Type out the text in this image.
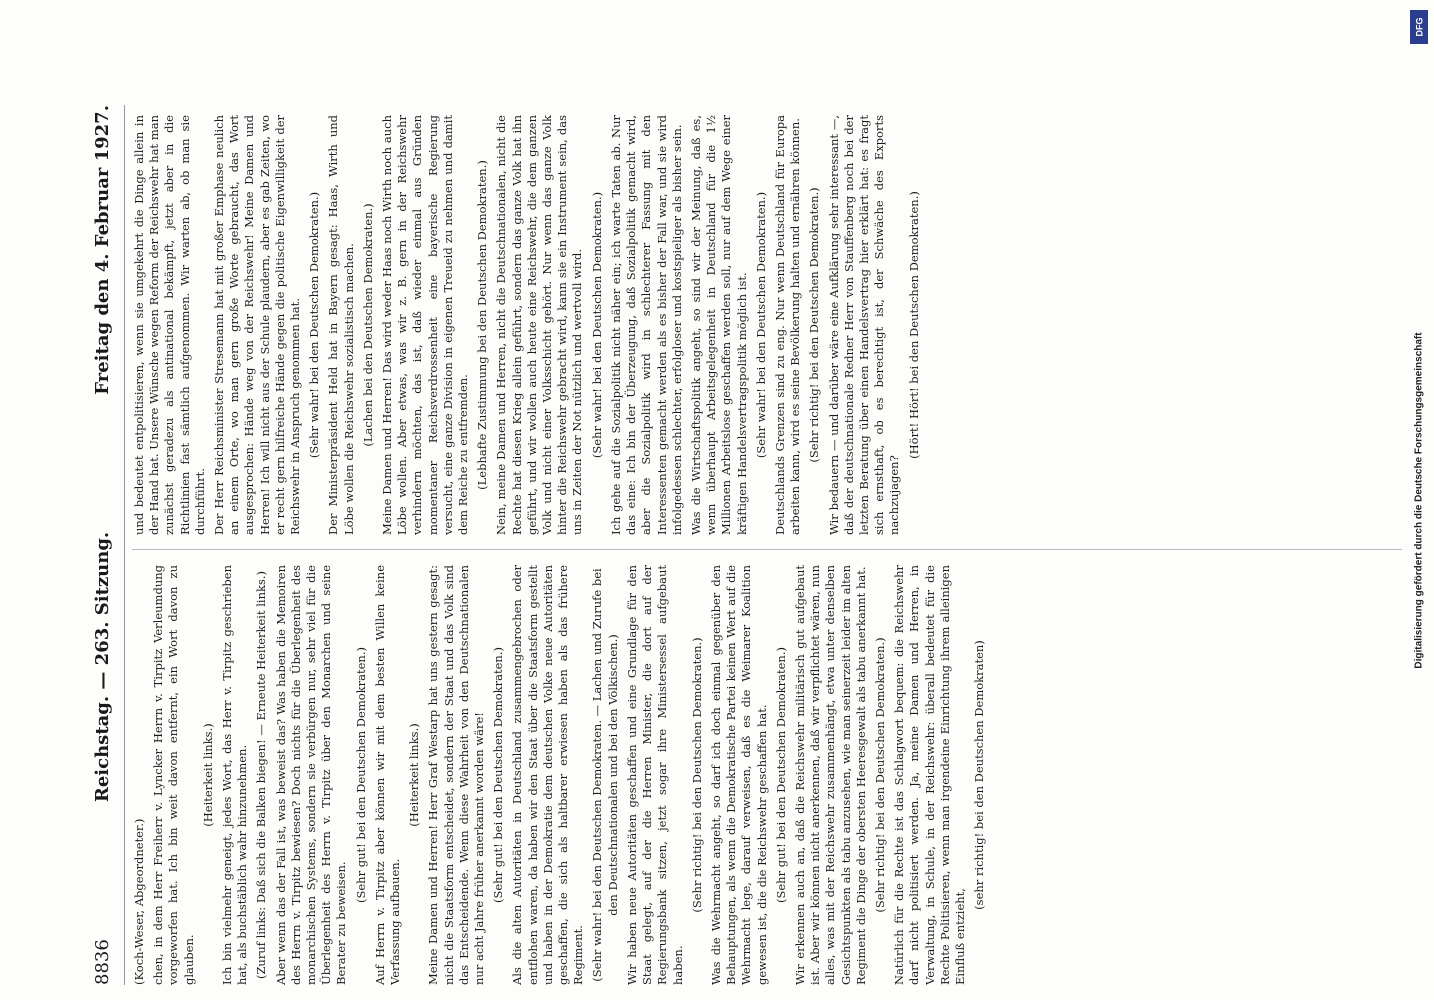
8836
Reichstag. — 263. Sitzung.
Freitag den 4. Februar 1927.

(Koch-Weser, Abgeordneter.) chen, in dem Herr Freiherr v. Lyncker Herrn v. Tirpitz Verleumdung vorgeworfen hat. Ich bin weit davon entfernt, ein Wort davon zu glauben.

(Heiterkeit links.) Ich bin vielmehr geneigt, jedes Wort, das Herr v. Tirpitz geschrieben hat, als buchstäblich wahr hinzunehmen. (Zuruf links: Daß sich die Balken biegen! — Erneute Heiterkeit links.) Aber wenn das der Fall ist, was beweist das? Was haben die Memoiren des Herrn v. Tirpitz bewiesen? Doch nichts für die Überlegenheit des monarchischen Systems, sondern sie verbürgen nur, sehr viel für die Überlegenheit des Herrn v. Tirpitz über den Monarchen und seine Berater zu beweisen.

(Sehr gut! bei den Deutschen Demokraten.) Auf Herrn v. Tirpitz aber können wir mit dem besten Willen keine Verfassung aufbauen.

(Heiterkeit links.) Meine Damen und Herren! Herr Graf Westarp hat uns gestern gesagt: nicht die Staatsform entscheidet, sondern der Staat und das Volk sind das Entscheidende. Wenn diese Wahrheit von den Deutschnationalen nur acht Jahre früher anerkannt worden wäre! (Sehr gut! bei den Deutschen Demokraten.) Als die alten Autoritäten in Deutschland zusammengebrochen oder entflohen waren, da haben wir den Staat über die Staatsform gestellt und haben in der Demokratie dem deutschen Volke neue Autoritäten geschaffen, die sich als haltbarer erwiesen haben als das frühere Regiment. (Sehr wahr! bei den Deutschen Demokraten. — Lachen und Zurufe bei den Deutschnationalen und bei den Völkischen.) Wir haben neue Autoritäten geschaffen und eine Grundlage für den Staat gelegt, auf der die Herren Minister, die dort auf der Regierungsbank sitzen, jetzt sogar ihre Ministersessel aufgebaut haben.

(Sehr richtig! bei den Deutschen Demokraten.) Was die Wehrmacht angeht, so darf ich doch einmal gegenüber den Behauptungen, als wenn die Demokratische Partei keinen Wert auf die Wehrmacht lege, darauf verweisen, daß es die Weimarer Koalition gewesen ist, die die Reichswehr geschaffen hat. (Sehr gut! bei den Deutschen Demokraten.) Wir erkennen auch an, daß die Reichswehr militärisch gut aufgebaut ist. Aber wir können nicht anerkennen, daß wir verpflichtet wären, nun alles, was mit der Reichswehr zusammenhängt, etwa unter denselben Gesichtspunkten als tabu anzusehen, wie man seinerzeit leider im alten Regiment die Dinge der obersten Heeresgewalt als tabu anerkannt hat. (Sehr richtig! bei den Deutschen Demokraten.) Natürlich für die Rechte ist das Schlagwort bequem: die Reichswehr darf nicht politisiert werden. Ja, meine Damen und Herren, in Verwaltung, in Schule, in der Reichswehr: überall bedeutet für die Rechte Politisieren, wenn man irgendeine Einrichtung ihrem alleinigen Einfluß entzieht,

(sehr richtig! bei den Deutschen Demokraten)

und bedeutet entpolitisieren, wenn sie umgekehrt die Dinge allein in der Hand hat. Unsere Wünsche wegen Reform der Reichswehr hat man zunächst geradezu als antinational bekämpft, jetzt aber in die Richtlinien fast sämtlich aufgenommen. Wir warten ab, ob man sie durchführt. Der Herr Reichsminister Stresemann hat mit großer Emphase neulich an einem Orte, wo man gern große Worte gebraucht, das Wort ausgesprochen: Hände weg von der Reichswehr! Meine Damen und Herren! Ich will nicht aus der Schule plaudern, aber es gab Zeiten, wo er recht gern hilfreiche Hände gegen die politische Eigenwilligkeit der Reichswehr in Anspruch genommen hat. (Sehr wahr! bei den Deutschen Demokraten.) Der Ministerpräsident Held hat in Bayern gesagt: Haas, Wirth und Löbe wollen die Reichswehr sozialistisch machen. (Lachen bei den Deutschen Demokraten.) Meine Damen und Herren! Das wird weder Haas noch Wirth noch auch Löbe wollen. Aber etwas, was wir z. B. gern in der Reichswehr verhindern möchten, das ist, daß wieder einmal aus Gründen momentaner Reichsverdrossenheit eine bayerische Regierung versucht, eine ganze Division in eigenen Treueid zu nehmen und damit dem Reiche zu entfremden. (Lebhafte Zustimmung bei den Deutschen Demokraten.) Nein, meine Damen und Herren, nicht die Deutschnationalen, nicht die Rechte hat diesen Krieg allein geführt, sondern das ganze Volk hat ihn geführt, und wir wollen auch heute eine Reichswehr, die dem ganzen Volk und nicht einer Volksschicht gehört. Nur wenn das ganze Volk hinter die Reichswehr gebracht wird, kann sie ein Instrument sein, das uns in Zeiten der Not nützlich und wertvoll wird. (Sehr wahr! bei den Deutschen Demokraten.) Ich gehe auf die Sozialpolitik nicht näher ein; ich warte Taten ab. Nur das eine: Ich bin der Überzeugung, daß Sozialpolitik gemacht wird, aber die Sozialpolitik wird in schlechterer Fassung mit den Interessenten gemacht werden als es bisher der Fall war, und sie wird infolgedessen schlechter, erfolgloser und kostspieliger als bisher sein. Was die Wirtschaftspolitik angeht, so sind wir der Meinung, daß es, wenn überhaupt Arbeitsgelegenheit in Deutschland für die 1½ Millionen Arbeitslose geschaffen werden soll, nur auf dem Wege einer kräftigen Handelsvertragspolitik möglich ist. (Sehr wahr! bei den Deutschen Demokraten.) Deutschlands Grenzen sind zu eng. Nur wenn Deutschland für Europa arbeiten kann, wird es seine Bevölkerung halten und ernähren können. (Sehr richtig! bei den Deutschen Demokraten.) Wir bedauern — und darüber wäre eine Aufklärung sehr interessant —, daß der deutschnationale Redner Herr von Stauffenberg noch bei der letzten Beratung über einen Handelsvertrag hier erklärt hat: es fragt sich ernsthaft, ob es berechtigt ist, der Schwäche des Exports nachzujagen?

(Hört! Hört! bei den Deutschen Demokraten.)

DFG
Digitalisierung gefördert durch die Deutsche Forschungsgemeinschaft
